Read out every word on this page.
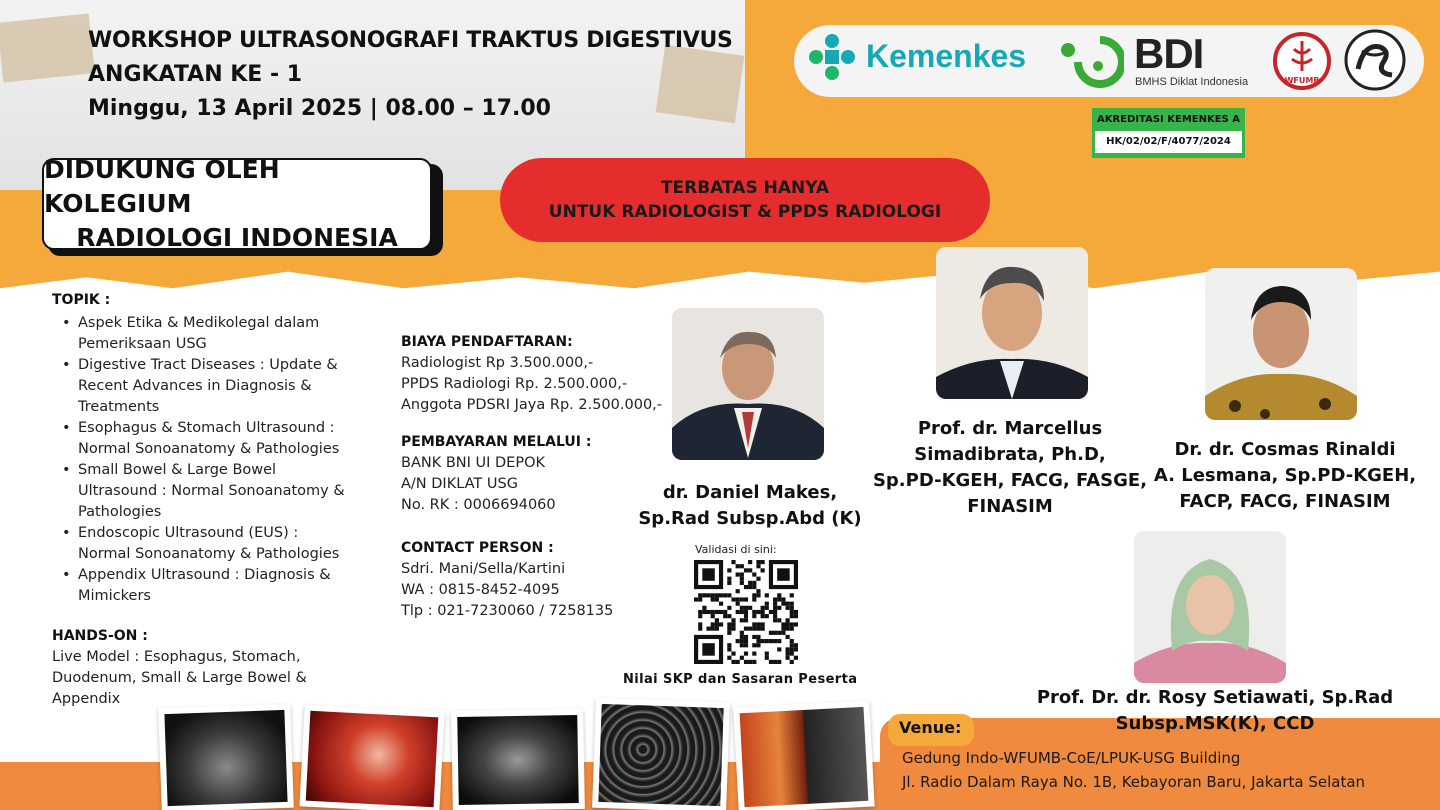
WORKSHOP ULTRASONOGRAFI TRAKTUS DIGESTIVUS
ANGKATAN KE - 1
Minggu, 13 April 2025 | 08.00 – 17.00
Kemenkes	BDI
BMHS Diklat Indonesia	WFUMB
AKREDITASI KEMENKES A
HK/02/02/F/4077/2024
DIDUKUNG OLEH KOLEGIUM
RADIOLOGI INDONESIA
TERBATAS HANYA
UNTUK RADIOLOGIST & PPDS RADIOLOGI
TOPIK :
• Aspek Etika & Medikolegal dalam Pemeriksaan USG
• Digestive Tract Diseases : Update & Recent Advances in Diagnosis & Treatments
• Esophagus & Stomach Ultrasound : Normal Sonoanatomy & Pathologies
• Small Bowel & Large Bowel Ultrasound : Normal Sonoanatomy & Pathologies
• Endoscopic Ultrasound (EUS) : Normal Sonoanatomy & Pathologies
• Appendix Ultrasound : Diagnosis & Mimickers
HANDS-ON :
Live Model : Esophagus, Stomach, Duodenum, Small & Large Bowel & Appendix
BIAYA PENDAFTARAN:
Radiologist Rp 3.500.000,-
PPDS Radiologi Rp. 2.500.000,-
Anggota PDSRI Jaya Rp. 2.500.000,-
PEMBAYARAN MELALUI :
BANK BNI UI DEPOK
A/N DIKLAT USG
No. RK : 0006694060
CONTACT PERSON :
Sdri. Mani/Sella/Kartini
WA : 0815-8452-4095
Tlp : 021-7230060 / 7258135
dr. Daniel Makes,
Sp.Rad Subsp.Abd (K)
Prof. dr. Marcellus
Simadibrata, Ph.D,
Sp.PD-KGEH, FACG, FASGE,
FINASIM
Dr. dr. Cosmas Rinaldi
A. Lesmana, Sp.PD-KGEH,
FACP, FACG, FINASIM
Prof. Dr. dr. Rosy Setiawati, Sp.Rad
Subsp.MSK(K), CCD
Validasi di sini:
Nilai SKP dan Sasaran Peserta
Venue:
Gedung Indo-WFUMB-CoE/LPUK-USG Building
Jl. Radio Dalam Raya No. 1B, Kebayoran Baru, Jakarta Selatan
